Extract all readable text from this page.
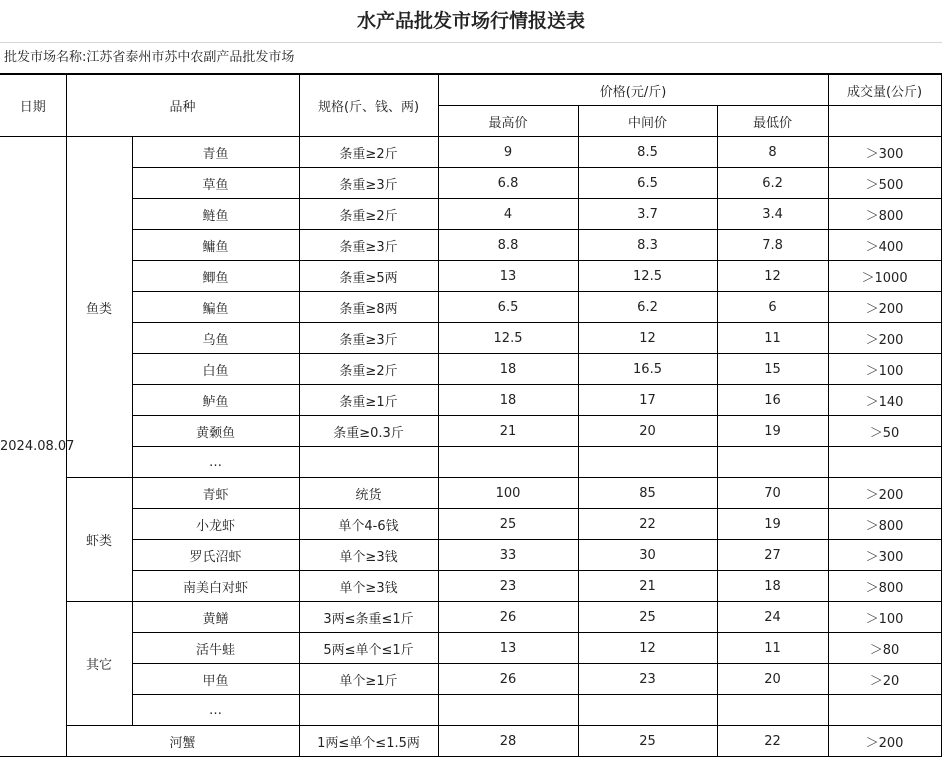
水产品批发市场行情报送表
批发市场名称:江苏省泰州市苏中农副产品批发市场
日期	品种		规格(斤、钱、两)	价格(元/斤)			成交量(公斤)
				最高价	中间价	最低价	
2024.08.07	鱼类	青鱼	条重≥2斤	9	8.5	8	＞300
		草鱼	条重≥3斤	6.8	6.5	6.2	＞500
		鲢鱼	条重≥2斤	4	3.7	3.4	＞800
		鳙鱼	条重≥3斤	8.8	8.3	7.8	＞400
		鲫鱼	条重≥5两	13	12.5	12	＞1000
		鳊鱼	条重≥8两	6.5	6.2	6	＞200
		乌鱼	条重≥3斤	12.5	12	11	＞200
		白鱼	条重≥2斤	18	16.5	15	＞100
		鲈鱼	条重≥1斤	18	17	16	＞140
		黄颡鱼	条重≥0.3斤	21	20	19	＞50
		…					
	虾类	青虾	统货	100	85	70	＞200
		小龙虾	单个4-6钱	25	22	19	＞800
		罗氏沼虾	单个≥3钱	33	30	27	＞300
		南美白对虾	单个≥3钱	23	21	18	＞800
	其它	黄鳝	3两≤条重≤1斤	26	25	24	＞100
		活牛蛙	5两≤单个≤1斤	13	12	11	＞80
		甲鱼	单个≥1斤	26	23	20	＞20
		…					
	河蟹		1两≤单个≤1.5两	28	25	22	＞200
